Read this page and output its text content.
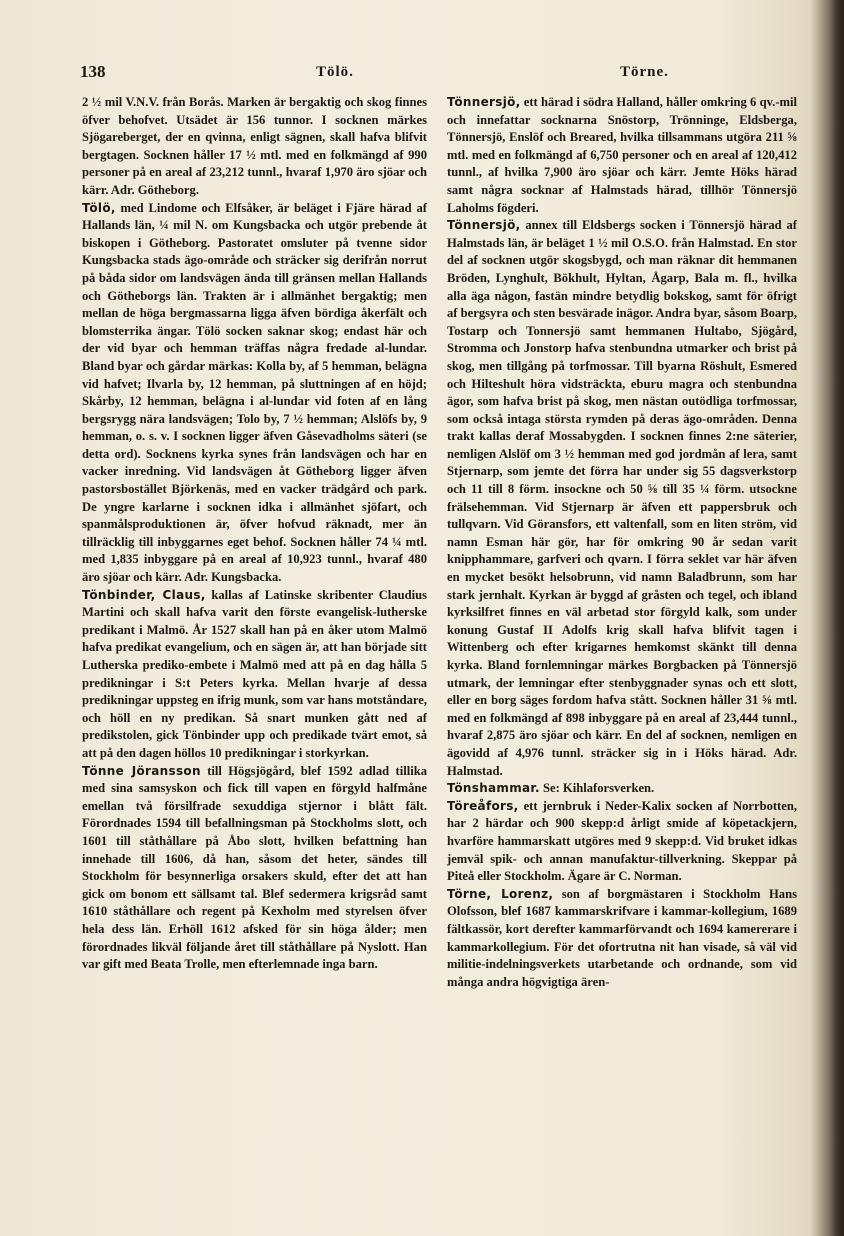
138	Tölö.	Törne.

2 ½ mil V.N.V. från Borås. Marken är bergaktig och skog finnes öfver behofvet. Utsädet är 156 tunnor. I socknen märkes Sjögareberget, der en qvinna, enligt sägnen, skall hafva blifvit bergtagen. Socknen håller 17 ½ mtl. med en folkmängd af 990 personer på en areal af 23,212 tunnl., hvaraf 1,970 äro sjöar och kärr. Adr. Götheborg.

Tölö, med Lindome och Elfsåker, är beläget i Fjäre härad af Hallands län, ¼ mil N. om Kungsbacka och utgör prebende åt biskopen i Götheborg. Pastoratet omsluter på tvenne sidor Kungsbacka stads ägo-område och sträcker sig derifrån norrut på båda sidor om landsvägen ända till gränsen mellan Hallands och Götheborgs län. Trakten är i allmänhet bergaktig; men mellan de höga bergmassarna ligga äfven bördiga åkerfält och blomsterrika ängar. Tölö socken saknar skog; endast här och der vid byar och hemman träffas några fredade al-lundar. Bland byar och gårdar märkas: Kolla by, af 5 hemman, belägna vid hafvet; Ilvarla by, 12 hemman, på sluttningen af en höjd; Skårby, 12 hemman, belägna i al-lundar vid foten af en lång bergsrygg nära landsvägen; Tolo by, 7 ½ hemman; Alslöfs by, 9 hemman, o. s. v. I socknen ligger äfven Gåsevadholms säteri (se detta ord). Socknens kyrka synes från landsvägen och har en vacker inredning. Vid landsvägen åt Götheborg ligger äfven pastorsbostället Björkenäs, med en vacker trädgård och park. De yngre karlarne i socknen idka i allmänhet sjöfart, och spanmålsproduktionen är, öfver hofvud räknadt, mer än tillräcklig till inbyggarnes eget behof. Socknen håller 74 ¼ mtl. med 1,835 inbyggare på en areal af 10,923 tunnl., hvaraf 480 äro sjöar och kärr. Adr. Kungsbacka.

Tönbinder, Claus, kallas af Latinske skribenter Claudius Martini och skall hafva varit den förste evangelisk-lutherske predikant i Malmö. År 1527 skall han på en åker utom Malmö hafva predikat evangelium, och en sägen är, att han började sitt Lutherska prediko-embete i Malmö med att på en dag hålla 5 predikningar i S:t Peters kyrka. Mellan hvarje af dessa predikningar uppsteg en ifrig munk, som var hans motståndare, och höll en ny predikan. Så snart munken gått ned af predikstolen, gick Tönbinder upp och predikade tvärt emot, så att på den dagen höllos 10 predikningar i storkyrkan.

Tönne Jöransson till Högsjögård, blef 1592 adlad tillika med sina samsyskon och fick till vapen en förgyld halfmåne emellan två försilfrade sexuddiga stjernor i blått fält. Förordnades 1594 till befallningsman på Stockholms slott, och 1601 till ståthållare på Åbo slott, hvilken befattning han innehade till 1606, då han, såsom det heter, sändes till Stockholm för besynnerliga orsakers skuld, efter det att han gick om bonom ett sällsamt tal. Blef sedermera krigsråd samt 1610 ståthållare och regent på Kexholm med styrelsen öfver hela dess län. Erhöll 1612 afsked för sin höga ålder; men förordnades likväl följande året till ståthållare på Nyslott. Han var gift med Beata Trolle, men efterlemnade inga barn.

Tönnersjö, ett härad i södra Halland, håller omkring 6 qv.-mil och innefattar socknarna Snöstorp, Trönninge, Eldsberga, Tönnersjö, Enslöf och Breared, hvilka tillsammans utgöra 211 ⅝ mtl. med en folkmängd af 6,750 personer och en areal af 120,412 tunnl., af hvilka 7,900 äro sjöar och kärr. Jemte Höks härad samt några socknar af Halmstads härad, tillhör Tönnersjö Laholms fögderi.

Tönnersjö, annex till Eldsbergs socken i Tönnersjö härad af Halmstads län, är beläget 1 ½ mil O.S.O. från Halmstad. En stor del af socknen utgör skogsbygd, och man räknar dit hemmanen Bröden, Lynghult, Bökhult, Hyltan, Ågarp, Bala m. fl., hvilka alla äga någon, fastän mindre betydlig bokskog, samt för öfrigt af bergsyra och sten besvärade inägor. Andra byar, såsom Boarp, Tostarp och Tonnersjö samt hemmanen Hultabo, Sjögård, Stromma och Jonstorp hafva stenbundna utmarker och brist på skog, men tillgång på torfmossar. Till byarna Röshult, Esmered och Hilteshult höra vidsträckta, eburu magra och stenbundna ägor, som hafva brist på skog, men nästan outödliga torfmossar, som också intaga största rymden på deras ägo-områden. Denna trakt kallas deraf Mossabygden. I socknen finnes 2:ne säterier, nemligen Alslöf om 3 ½ hemman med god jordmån af lera, samt Stjernarp, som jemte det förra har under sig 55 dagsverkstorp och 11 till 8 förm. insockne och 50 ⅝ till 35 ¼ förm. utsockne frälsehemman. Vid Stjernarp är äfven ett pappersbruk och tullqvarn. Vid Göransfors, ett valtenfall, som en liten ström, vid namn Esman här gör, har för omkring 90 år sedan varit knipphammare, garfveri och qvarn. I förra seklet var här äfven en mycket besökt helsobrunn, vid namn Baladbrunn, som har stark jernhalt. Kyrkan är byggd af gråsten och tegel, och ibland kyrksilfret finnes en väl arbetad stor förgyld kalk, som under konung Gustaf II Adolfs krig skall hafva blifvit tagen i Wittenberg och efter krigarnes hemkomst skänkt till denna kyrka. Bland fornlemningar märkes Borgbacken på Tönnersjö utmark, der lemningar efter stenbyggnader synas och ett slott, eller en borg säges fordom hafva stått. Socknen håller 31 ⅝ mtl. med en folkmängd af 898 inbyggare på en areal af 23,444 tunnl., hvaraf 2,875 äro sjöar och kärr. En del af socknen, nemligen en ägovidd af 4,976 tunnl. sträcker sig in i Höks härad. Adr. Halmstad.

Tönshammar. Se: Kihlaforsverken.

Töreåfors, ett jernbruk i Neder-Kalix socken af Norrbotten, har 2 härdar och 900 skepp:d årligt smide af köpetackjern, hvarföre hammarskatt utgöres med 9 skepp:d. Vid bruket idkas jemväl spik- och annan manufaktur-tillverkning. Skeppar på Piteå eller Stockholm. Ägare är C. Norman.

Törne, Lorenz, son af borgmästaren i Stockholm Hans Olofsson, blef 1687 kammarskrifvare i kammar-kollegium, 1689 fältkassör, kort derefter kammarförvandt och 1694 kamererare i kammarkollegium. För det ofortrutna nit han visade, så väl vid militie-indelningsverkets utarbetande och ordnande, som vid många andra högvigtiga ären-
